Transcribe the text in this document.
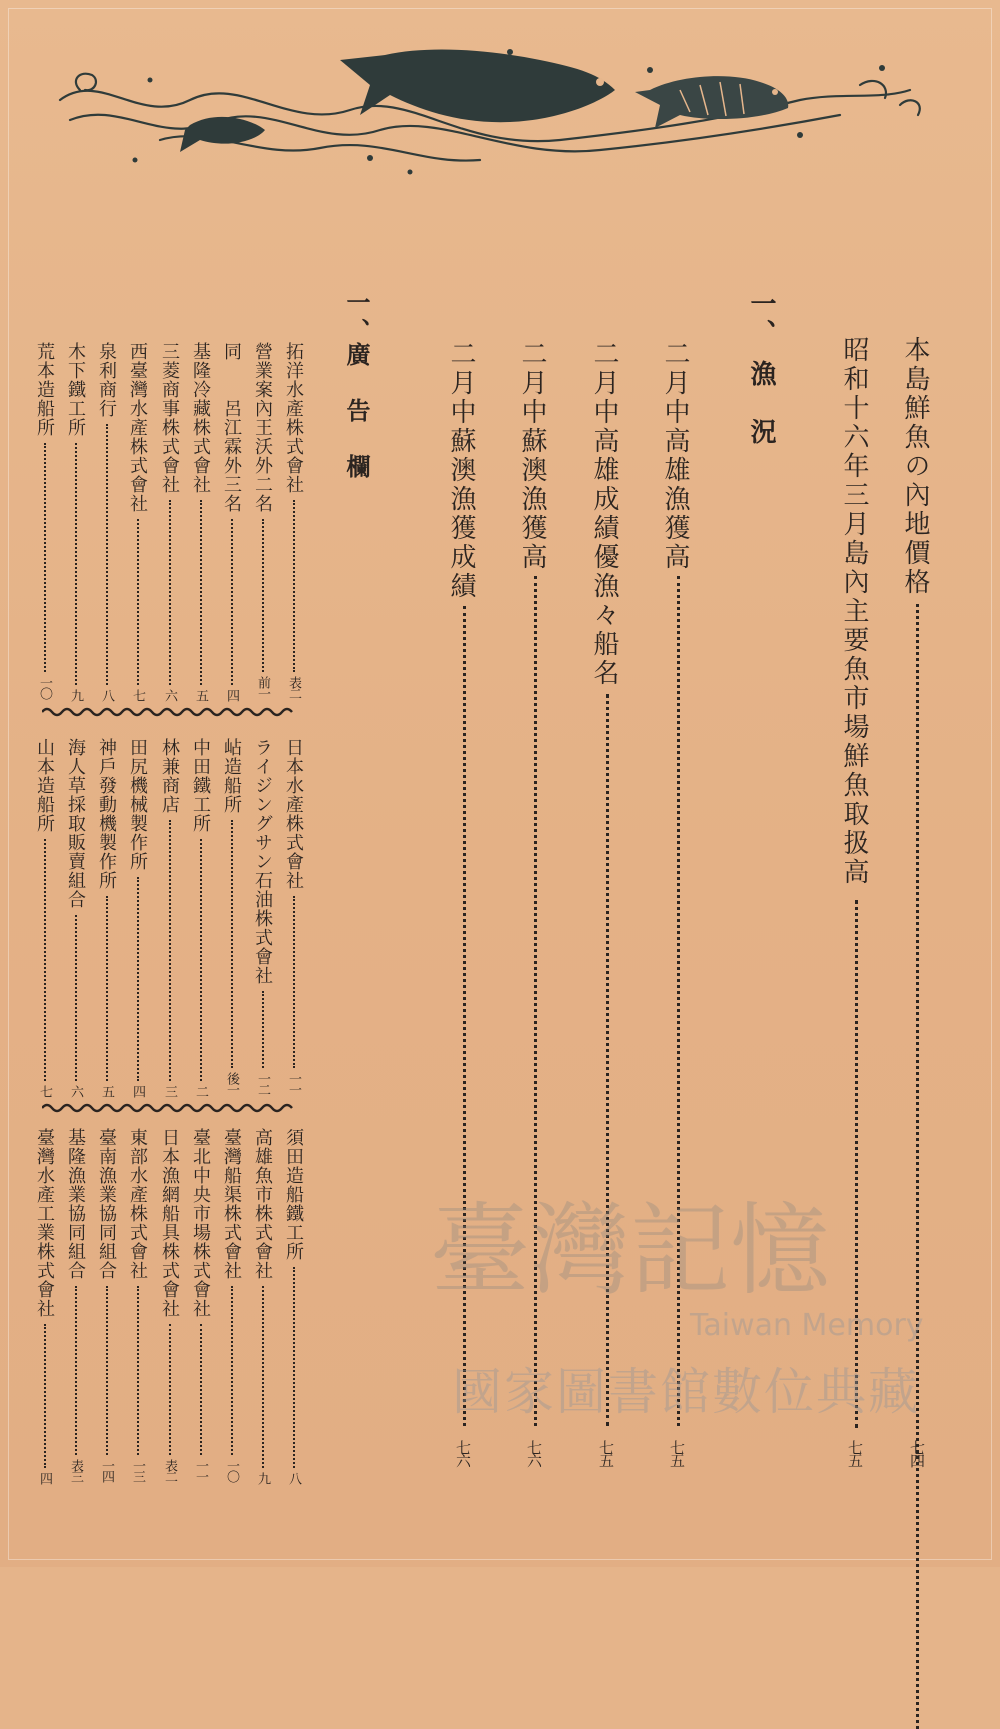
本島鮮魚の內地價格
七四
昭和十六年三月島內主要魚市場鮮魚取扱高
七五
一、
漁　況
二月中高雄漁獲高
七五
二月中高雄成績優漁々船名
七五
二月中蘇澳漁獲高
七六
二月中蘇澳漁獲成績
七六
一、
廣　告　欄
拓洋水產株式會社
表二
營業案內王沃外二名
前一
同　　呂江霖外三名
四
基隆冷藏株式會社
五
三菱商事株式會社
六
西臺灣水產株式會社
七
泉利商行
八
木下鐵工所
九
荒本造船所
一〇
日本水產株式會社
一一
ライジングサン石油株式會社
一二
岾造船所
後一
中田鐵工所
二
林兼商店
三
田尻機械製作所
四
神戶發動機製作所
五
海人草採取販賣組合
六
山本造船所
七
須田造船鐵工所
八
高雄魚市株式會社
九
臺灣船渠株式會社
一〇
臺北中央市場株式會社
一一
日本漁網船具株式會社
表二
東部水產株式會社
一三
臺南漁業協同組合
一四
基隆漁業協同組合
表三
臺灣水產工業株式會社
四
臺灣記憶
Taiwan Memory
國家圖書館數位典藏
